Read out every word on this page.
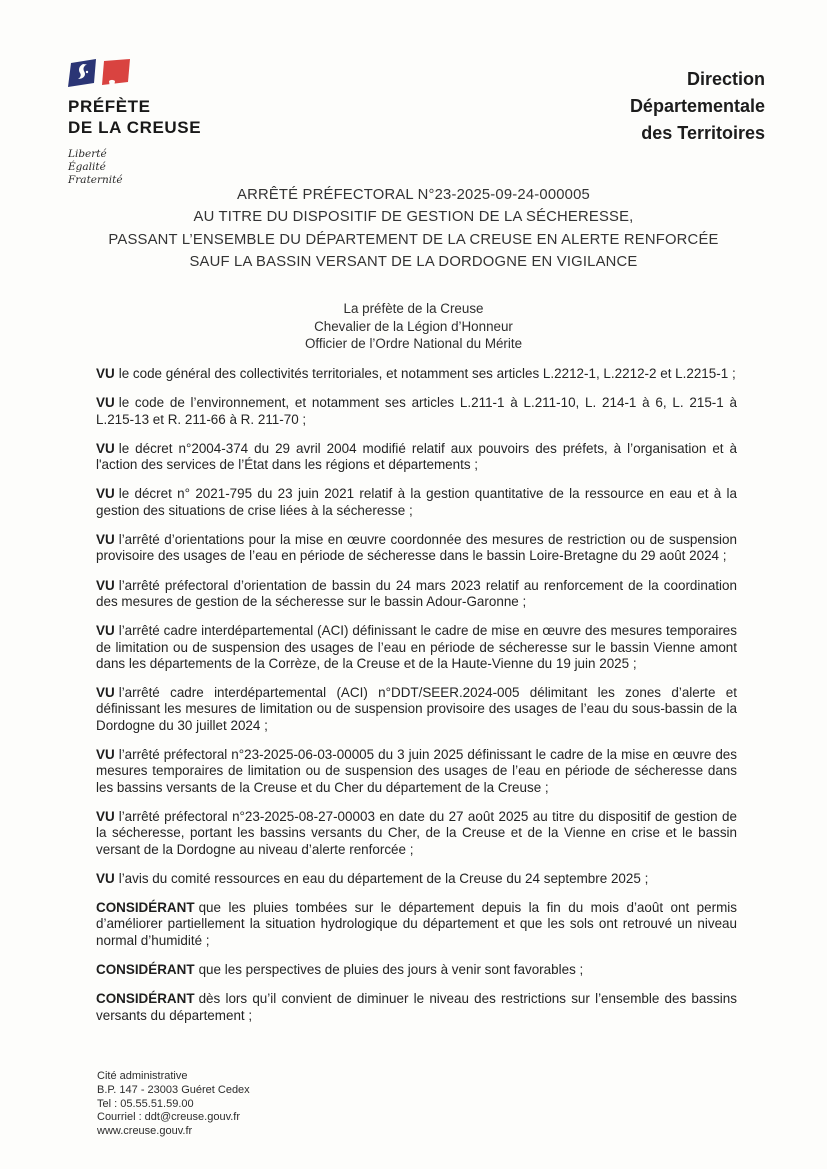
PRÉFÈTE
DE LA CREUSE
Liberté
Égalité
Fraternité
Direction
Départementale
des Territoires
ARRÊTÉ PRÉFECTORAL N°23-2025-09-24-000005
AU TITRE DU DISPOSITIF DE GESTION DE LA SÉCHERESSE,
PASSANT L’ENSEMBLE DU DÉPARTEMENT DE LA CREUSE EN ALERTE RENFORCÉE
SAUF LA BASSIN VERSANT DE LA DORDOGNE EN VIGILANCE
La préfète de la Creuse
Chevalier de la Légion d’Honneur
Officier de l’Ordre National du Mérite

VU le code général des collectivités territoriales, et notamment ses articles L.2212-1, L.2212-2 et L.2215-1 ;

VU le code de l’environnement, et notamment ses articles L.211-1 à L.211-10, L. 214-1 à 6, L. 215-1 à L.215-13 et R. 211-66 à R. 211-70 ;

VU le décret n°2004-374 du 29 avril 2004 modifié relatif aux pouvoirs des préfets, à l’organisation et à l'action des services de l’État dans les régions et départements ;

VU le décret n° 2021-795 du 23 juin 2021 relatif à la gestion quantitative de la ressource en eau et à la gestion des situations de crise liées à la sécheresse ;

VU l’arrêté d’orientations pour la mise en œuvre coordonnée des mesures de restriction ou de suspension provisoire des usages de l’eau en période de sécheresse dans le bassin Loire-Bretagne du 29 août 2024 ;

VU l’arrêté préfectoral d’orientation de bassin du 24 mars 2023 relatif au renforcement de la coordination des mesures de gestion de la sécheresse sur le bassin Adour-Garonne ;

VU l’arrêté cadre interdépartemental (ACI) définissant le cadre de mise en œuvre des mesures temporaires de limitation ou de suspension des usages de l’eau en période de sécheresse sur le bassin Vienne amont dans les départements de la Corrèze, de la Creuse et de la Haute-Vienne du 19 juin 2025 ;

VU l’arrêté cadre interdépartemental (ACI) n°DDT/SEER.2024-005 délimitant les zones d’alerte et définissant les mesures de limitation ou de suspension provisoire des usages de l’eau du sous-bassin de la Dordogne du 30 juillet 2024 ;

VU l’arrêté préfectoral n°23-2025-06-03-00005 du 3 juin 2025 définissant le cadre de la mise en œuvre des mesures temporaires de limitation ou de suspension des usages de l’eau en période de sécheresse dans les bassins versants de la Creuse et du Cher du département de la Creuse ;

VU l’arrêté préfectoral n°23-2025-08-27-00003 en date du 27 août 2025 au titre du dispositif de gestion de la sécheresse, portant les bassins versants du Cher, de la Creuse et de la Vienne en crise et le bassin versant de la Dordogne au niveau d’alerte renforcée ;

VU l’avis du comité ressources en eau du département de la Creuse du 24 septembre 2025 ;

CONSIDÉRANT que les pluies tombées sur le département depuis la fin du mois d’août ont permis d’améliorer partiellement la situation hydrologique du département et que les sols ont retrouvé un niveau normal d’humidité ;

CONSIDÉRANT que les perspectives de pluies des jours à venir sont favorables ;

CONSIDÉRANT dès lors qu’il convient de diminuer le niveau des restrictions sur l’ensemble des bassins versants du département ;

Cité administrative
B.P. 147 - 23003 Guéret Cedex
Tel : 05.55.51.59.00
Courriel : ddt@creuse.gouv.fr
www.creuse.gouv.fr
